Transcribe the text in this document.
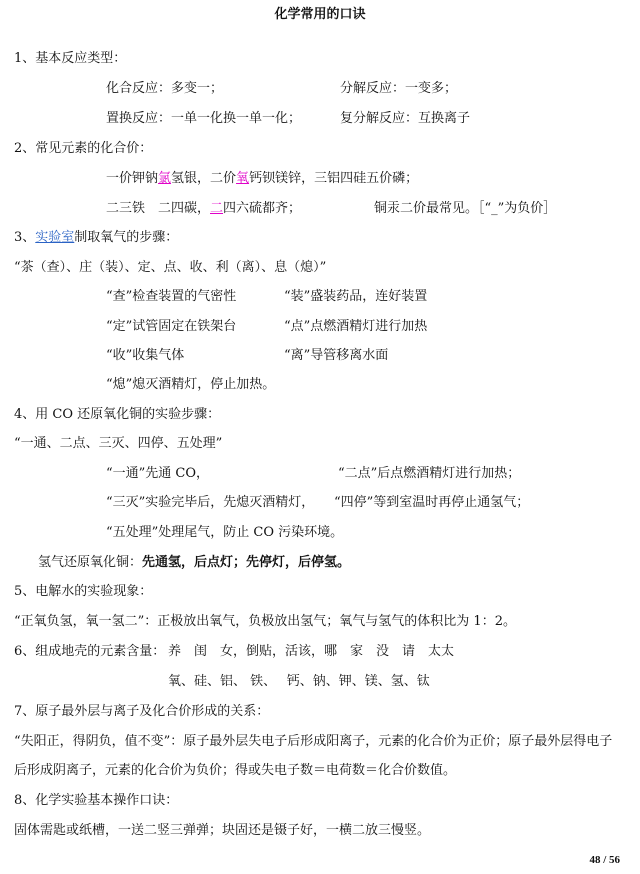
化学常用的口诀
1、基本反应类型：
化合反应：多变一；	分解反应：一变多；
置换反应：一单一化换一单一化；	复分解反应：互换离子
2、常见元素的化合价：
一价钾钠氯氢银，二价氧钙钡镁锌，三铝四硅五价磷；
二三铁　二四碳，二四六硫都齐；	铜汞二价最常见。［“_”为负价］
3、实验室制取氧气的步骤：
“茶（查）、庄（装）、定、点、收、利（离）、息（熄）”
“查”检查装置的气密性	“装”盛装药品，连好装置
“定”试管固定在铁架台	“点”点燃酒精灯进行加热
“收”收集气体	“离”导管移离水面
“熄”熄灭酒精灯，停止加热。
4、用 CO 还原氧化铜的实验步骤：
“一通、二点、三灭、四停、五处理”
“一通”先通 CO，	“二点”后点燃酒精灯进行加热；
“三灭”实验完毕后，先熄灭酒精灯， “四停”等到室温时再停止通氢气；
“五处理”处理尾气，防止 CO 污染环境。
氢气还原氧化铜：先通氢，后点灯；先停灯，后停氢。
5、电解水的实验现象：
“正氧负氢，氧一氢二”：正极放出氧气，负极放出氢气；氧气与氢气的体积比为 1：2。
6、组成地壳的元素含量： 养　闺　女，倒贴，活该，哪　家　没　请　太太
氧、硅、铝、 铁、　 钙、钠、钾、镁、氢、钛
7、原子最外层与离子及化合价形成的关系：
“失阳正，得阴负，值不变”：原子最外层失电子后形成阳离子，元素的化合价为正价；原子最外层得电子
后形成阴离子，元素的化合价为负价；得或失电子数＝电荷数＝化合价数值。
8、化学实验基本操作口诀：
固体需匙或纸槽，一送二竖三弹弹；块固还是镊子好，一横二放三慢竖。
48 / 56
